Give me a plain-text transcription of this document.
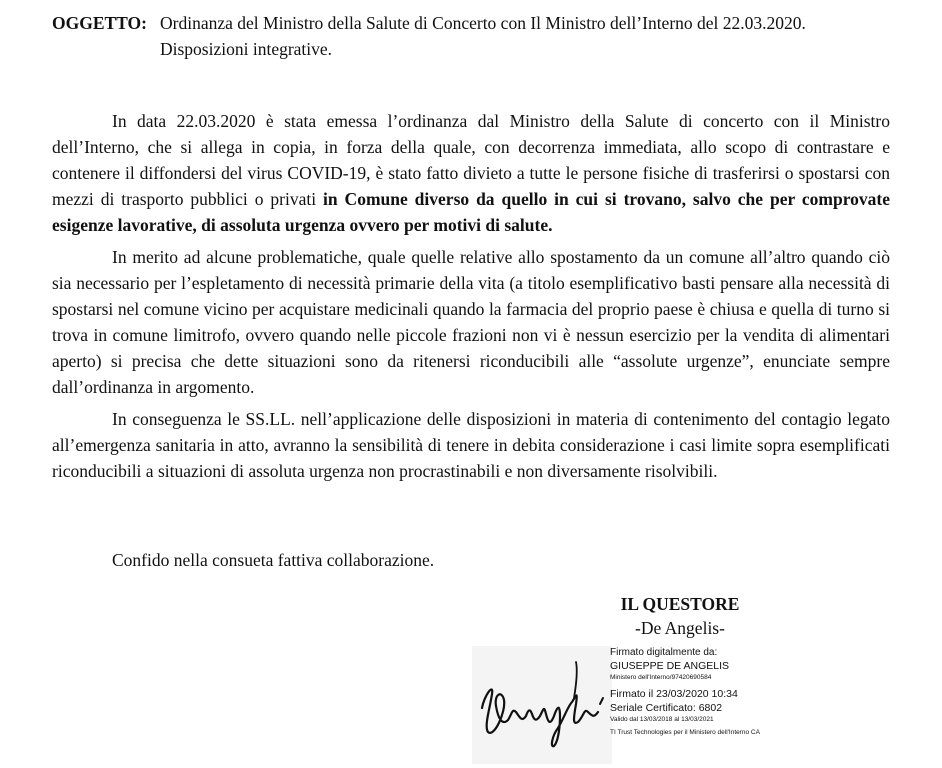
OGGETTO: Ordinanza del Ministro della Salute di Concerto con Il Ministro dell’Interno del 22.03.2020.
Disposizioni integrative.

In data 22.03.2020 è stata emessa l’ordinanza dal Ministro della Salute di concerto con il Ministro dell’Interno, che si allega in copia, in forza della quale, con decorrenza immediata, allo scopo di contrastare e contenere il diffondersi del virus COVID-19, è stato fatto divieto a tutte le persone fisiche di trasferirsi o spostarsi con mezzi di trasporto pubblici o privati in Comune diverso da quello in cui si trovano, salvo che per comprovate esigenze lavorative, di assoluta urgenza ovvero per motivi di salute.

In merito ad alcune problematiche, quale quelle relative allo spostamento da un comune all’altro quando ciò sia necessario per l’espletamento di necessità primarie della vita (a titolo esemplificativo basti pensare alla necessità di spostarsi nel comune vicino per acquistare medicinali quando la farmacia del proprio paese è chiusa e quella di turno si trova in comune limitrofo, ovvero quando nelle piccole frazioni non vi è nessun esercizio per la vendita di alimentari aperto) si precisa che dette situazioni sono da ritenersi riconducibili alle “assolute urgenze”, enunciate sempre dall’ordinanza in argomento.

In conseguenza le SS.LL. nell’applicazione delle disposizioni in materia di contenimento del contagio legato all’emergenza sanitaria in atto, avranno la sensibilità di tenere in debita considerazione i casi limite sopra esemplificati riconducibili a situazioni di assoluta urgenza non procrastinabili e non diversamente risolvibili.

Confido nella consueta fattiva collaborazione.
IL QUESTORE
-De Angelis-
Firmato digitalmente da:
GIUSEPPE DE ANGELIS
Ministero dell'Interno/97420690584
Firmato il 23/03/2020 10:34
Seriale Certificato: 6802
Valido dal 13/03/2018 al 13/03/2021
TI Trust Technologies per il Ministero dell'Interno CA
